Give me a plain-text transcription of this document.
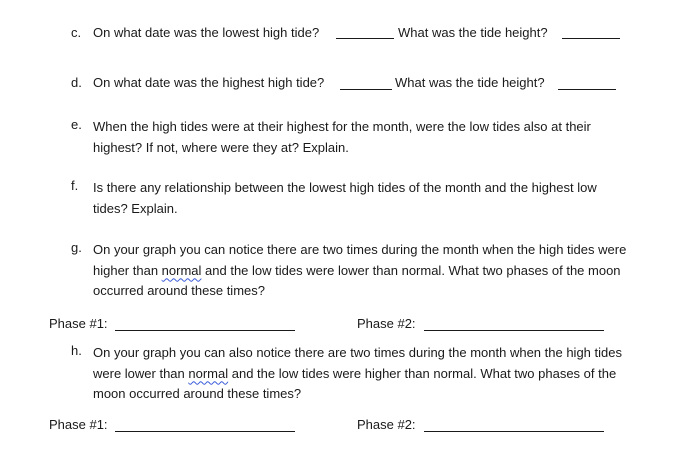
c. On what date was the lowest high tide?	What was the tide height?
d. On what date was the highest high tide?	What was the tide height?
e. When the high tides were at their highest for the month, were the low tides also at their highest? If not, where were they at? Explain.
f.	Is there any relationship between the lowest high tides of the month and the highest low tides? Explain.
g. On your graph you can notice there are two times during the month when the high tides were higher than normal and the low tides were lower than normal. What two phases of the moon occurred around these times?
Phase #1:	Phase #2:
h. On your graph you can also notice there are two times during the month when the high tides were lower than normal and the low tides were higher than normal. What two phases of the moon occurred around these times?
Phase #1:	Phase #2:
